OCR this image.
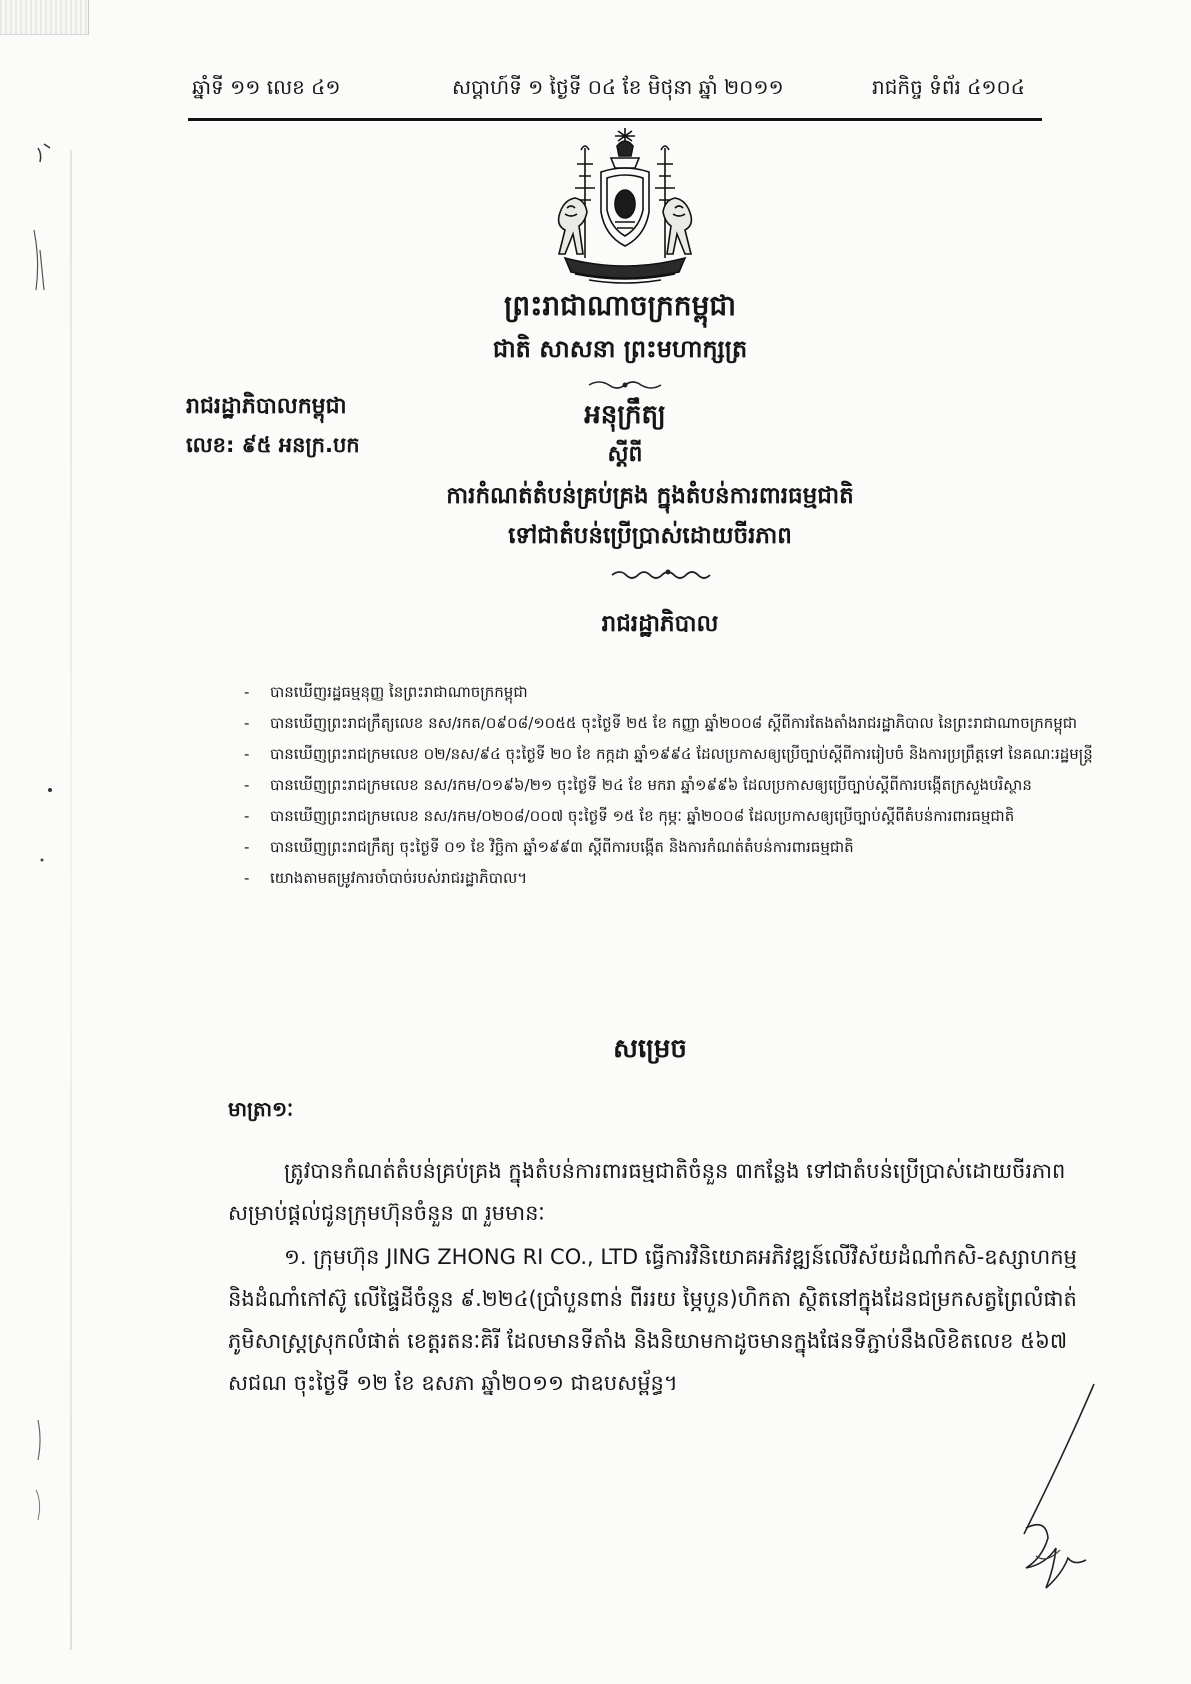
ឆ្នាំទី ១១ លេខ ៤១	សប្តាហ៍ទី ១ ថ្ងៃទី ០៤ ខែ មិថុនា ឆ្នាំ ២០១១	រាជកិច្ច ទំព័រ ៤១០៤
ព្រះរាជាណាចក្រកម្ពុជា
ជាតិ សាសនា ព្រះមហាក្សត្រ
រាជរដ្ឋាភិបាលកម្ពុជា
លេខ: ៩៥ អនក្រ.បក
អនុក្រឹត្យ
ស្តីពី
ការកំណត់តំបន់គ្រប់គ្រង ក្នុងតំបន់ការពារធម្មជាតិ
ទៅជាតំបន់ប្រើប្រាស់ដោយចីរភាព
រាជរដ្ឋាភិបាល
-	បានឃើញរដ្ឋធម្មនុញ្ញ នៃព្រះរាជាណាចក្រកម្ពុជា
-	បានឃើញព្រះរាជក្រឹត្យលេខ នស/រកត/០៩០៨/១០៥៥ ចុះថ្ងៃទី ២៥ ខែ កញ្ញា ឆ្នាំ២០០៨ ស្តីពីការតែងតាំងរាជរដ្ឋាភិបាល នៃព្រះរាជាណាចក្រកម្ពុជា
-	បានឃើញព្រះរាជក្រមលេខ ០២/នស/៩៤ ចុះថ្ងៃទី ២០ ខែ កក្កដា ឆ្នាំ១៩៩៤ ដែលប្រកាសឲ្យប្រើច្បាប់ស្តីពីការរៀបចំ និងការប្រព្រឹត្តទៅ នៃគណៈរដ្ឋមន្ត្រី
-	បានឃើញព្រះរាជក្រមលេខ នស/រកម/០១៩៦/២១ ចុះថ្ងៃទី ២៤ ខែ មករា ឆ្នាំ១៩៩៦ ដែលប្រកាសឲ្យប្រើច្បាប់ស្តីពីការបង្កើតក្រសួងបរិស្ថាន
-	បានឃើញព្រះរាជក្រមលេខ នស/រកម/០២០៨/០០៧ ចុះថ្ងៃទី ១៥ ខែ កុម្ភៈ ឆ្នាំ២០០៨ ដែលប្រកាសឲ្យប្រើច្បាប់ស្តីពីតំបន់ការពារធម្មជាតិ
-	បានឃើញព្រះរាជក្រឹត្យ ចុះថ្ងៃទី ០១ ខែ វិច្ឆិកា ឆ្នាំ១៩៩៣ ស្តីពីការបង្កើត និងការកំណត់តំបន់ការពារធម្មជាតិ
-	យោងតាមតម្រូវការចាំបាច់របស់រាជរដ្ឋាភិបាល។
សម្រេច
មាត្រា១ៈ

ត្រូវបានកំណត់តំបន់គ្រប់គ្រង ក្នុងតំបន់ការពារធម្មជាតិចំនួន ៣កន្លែង ទៅជាតំបន់ប្រើប្រាស់ដោយចីរភាព សម្រាប់ផ្តល់ជូនក្រុមហ៊ុនចំនួន ៣ រួមមានៈ

១. ក្រុមហ៊ុន JING ZHONG RI CO., LTD ធ្វើការវិនិយោគអភិវឌ្ឍន៍លើវិស័យដំណាំកសិ-ឧស្សាហកម្ម និងដំណាំកៅស៊ូ លើផ្ទៃដីចំនួន ៩.២២៤(ប្រាំបួនពាន់ ពីររយ ម្ភៃបួន)ហិកតា ស្ថិតនៅក្នុងដែនជម្រកសត្វព្រៃលំផាត់ ភូមិសាស្ត្រស្រុកលំផាត់ ខេត្តរតនៈគិរី ដែលមានទីតាំង និងនិយាមកាដូចមានក្នុងផែនទីភ្ជាប់នឹងលិខិតលេខ ៥៦៧ សជណ ចុះថ្ងៃទី ១២ ខែ ឧសភា ឆ្នាំ២០១១ ជាឧបសម្ព័ន្ធ។
